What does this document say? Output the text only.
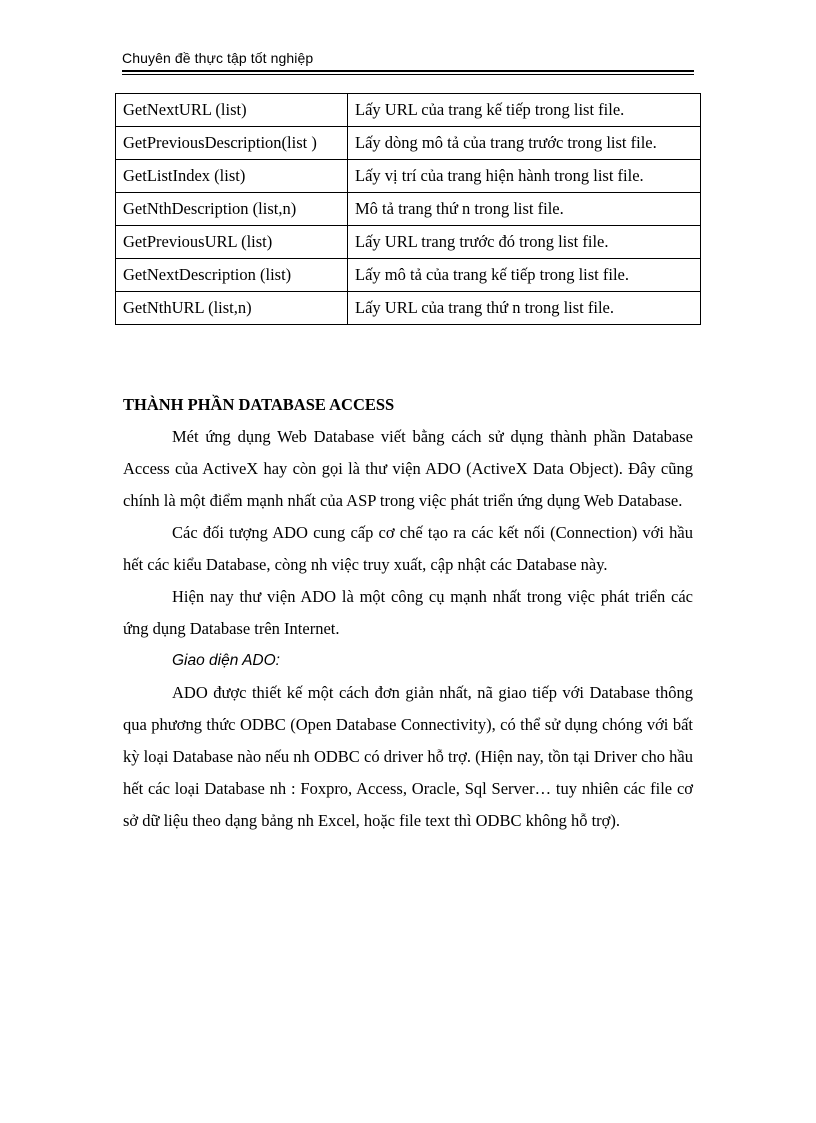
Chuyên đề thực tập tốt nghiệp
GetNextURL (list)	Lấy URL của trang kế tiếp trong list file.
GetPreviousDescription(list )	Lấy dòng mô tả của trang trước trong list file.
GetListIndex (list)	Lấy vị trí của trang hiện hành trong list file.
GetNthDescription (list,n)	Mô tả trang thứ n trong list file.
GetPreviousURL (list)	Lấy URL trang trước đó trong list file.
GetNextDescription (list)	Lấy mô tả của trang kế tiếp trong list file.
GetNthURL (list,n)	Lấy URL của trang thứ n trong list file.

THÀNH PHẦN DATABASE ACCESS

Mét ứng dụng Web Database viết bằng cách sử dụng thành phần Database Access của ActiveX hay còn gọi là thư viện ADO (ActiveX Data Object). Đây cũng chính là một điểm mạnh nhất của ASP trong việc phát triển ứng dụng Web Database.

Các đối tượng ADO cung cấp cơ chế tạo ra các kết nối (Connection) với hầu hết các kiểu Database, còng nh việc truy xuất, cập nhật các Database này.

Hiện nay thư viện ADO là một công cụ mạnh nhất trong việc phát triển các ứng dụng Database trên Internet.

Giao diện ADO:

ADO được thiết kế một cách đơn giản nhất, nã giao tiếp với Database thông qua phương thức ODBC (Open Database Connectivity), có thể sử dụng chóng với bất kỳ loại Database nào nếu nh ODBC có driver hỗ trợ. (Hiện nay, tồn tại Driver cho hầu hết các loại Database nh : Foxpro, Access, Oracle, Sql Server… tuy nhiên các file cơ sở dữ liệu theo dạng bảng nh Excel, hoặc file text thì ODBC không hỗ trợ).
